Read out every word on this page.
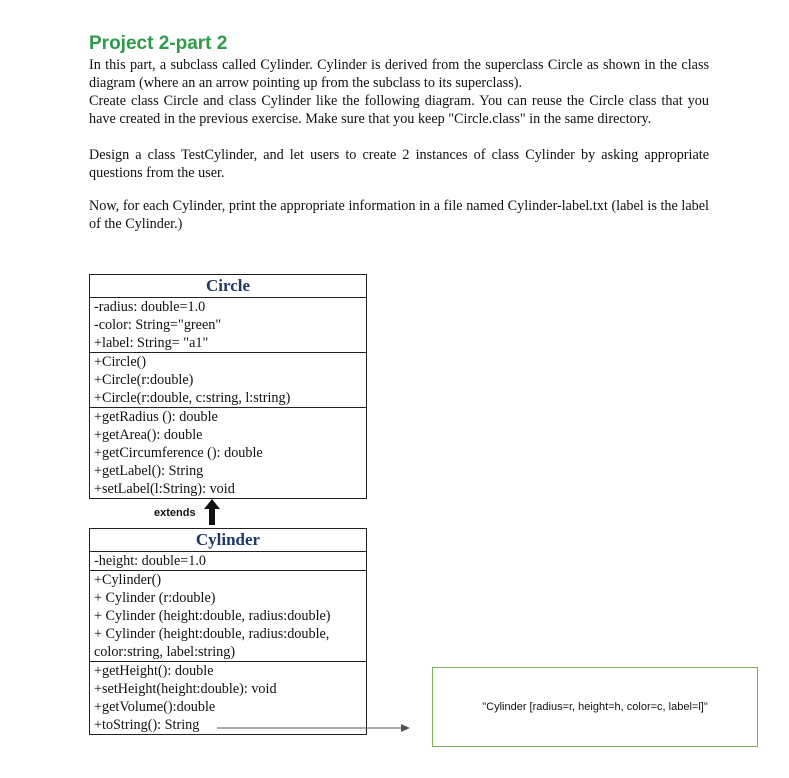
Project 2-part 2

In this part, a subclass called Cylinder. Cylinder is derived from the superclass Circle as shown in the class diagram (where an an arrow pointing up from the subclass to its superclass).

Create class Circle and class Cylinder like the following diagram. You can reuse the Circle class that you have created in the previous exercise. Make sure that you keep "Circle.class" in the same directory.

Design a class TestCylinder, and let users to create 2 instances of class Cylinder by asking appropriate questions from the user.

Now, for each Cylinder, print the appropriate information in a file named Cylinder-label.txt (label is the label of the Cylinder.)

Circle
-radius: double=1.0
-color: String="green"
+label: String= "a1"
+Circle()
+Circle(r:double)
+Circle(r:double, c:string, l:string)
+getRadius (): double
+getArea(): double
+getCircumference (): double
+getLabel(): String
+setLabel(l:String): void

extends

Cylinder
-height: double=1.0
+Cylinder()
+ Cylinder (r:double)
+ Cylinder (height:double, radius:double)
+ Cylinder (height:double, radius:double, color:string, label:string)
+getHeight(): double
+setHeight(height:double): void
+getVolume():double
+toString(): String
"Cylinder [radius=r, height=h, color=c, label=l]"
